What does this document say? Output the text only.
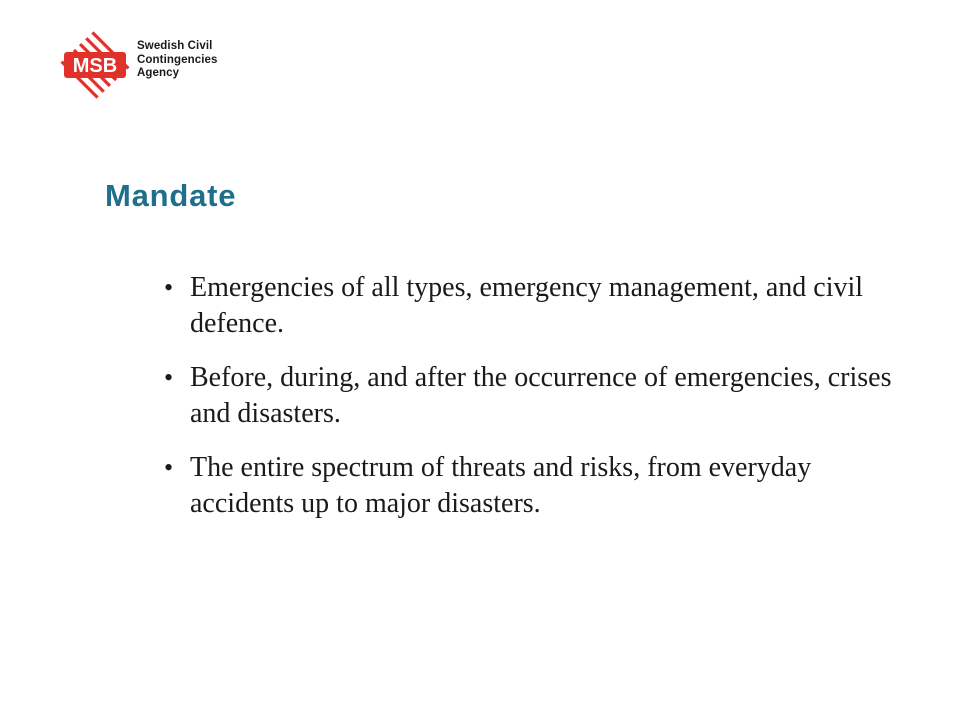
MSB
Swedish Civil
Contingencies
Agency
Mandate
• Emergencies of all types, emergency management, and civil defence.
• Before, during, and after the occurrence of emergencies, crises and disasters.
• The entire spectrum of threats and risks, from everyday accidents up to major disasters.
